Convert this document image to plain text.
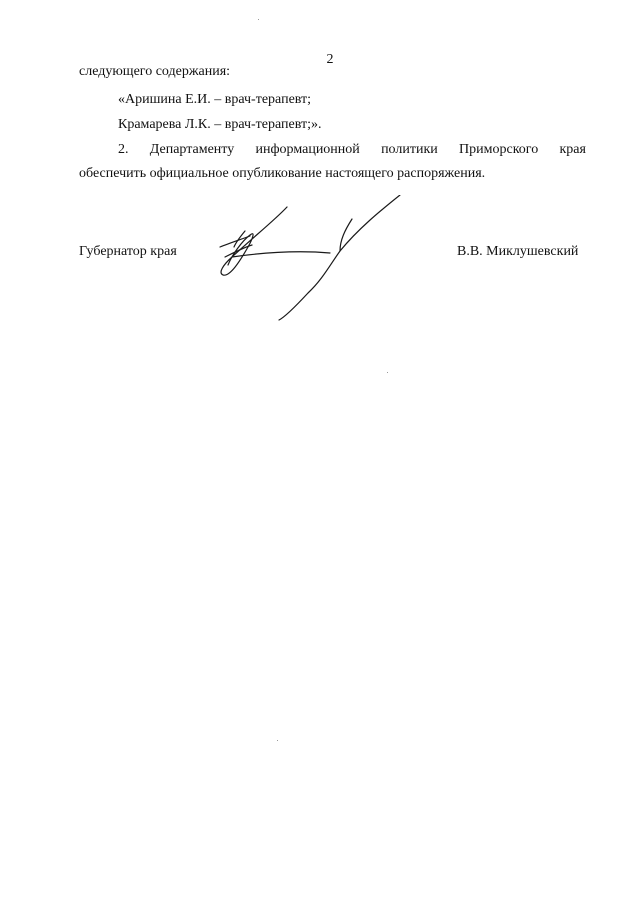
2
следующего содержания:
«Аришина Е.И. – врач-терапевт;
Крамарева Л.К. – врач-терапевт;».
2. Департаменту информационной политики Приморского края
обеспечить официальное опубликование настоящего распоряжения.
Губернатор края	В.В. Миклушевский
